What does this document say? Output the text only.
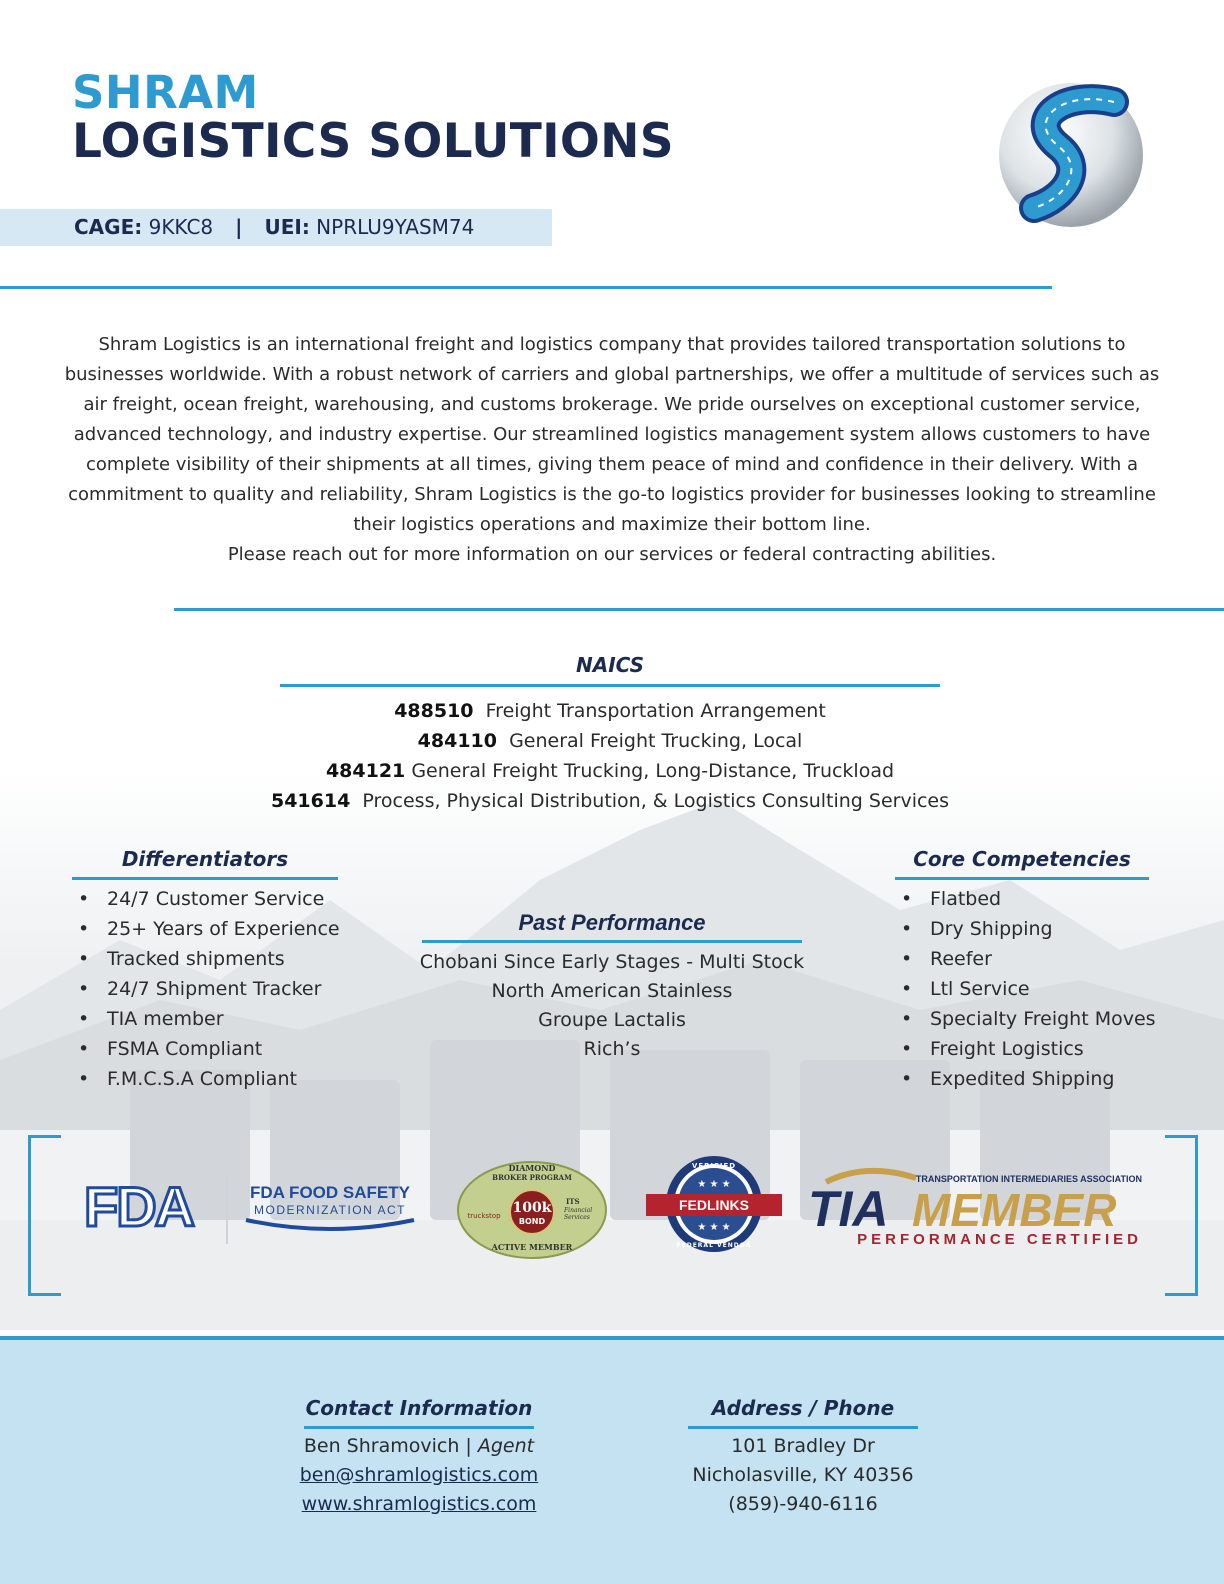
SHRAM
LOGISTICS SOLUTIONS
CAGE: 9KKC8 | UEI: NPRLU9YASM74
Shram Logistics is an international freight and logistics company that provides tailored transportation solutions to businesses worldwide. With a robust network of carriers and global partnerships, we offer a multitude of services such as air freight, ocean freight, warehousing, and customs brokerage. We pride ourselves on exceptional customer service, advanced technology, and industry expertise. Our streamlined logistics management system allows customers to have complete visibility of their shipments at all times, giving them peace of mind and confidence in their delivery. With a commitment to quality and reliability, Shram Logistics is the go-to logistics provider for businesses looking to streamline their logistics operations and maximize their bottom line.
Please reach out for more information on our services or federal contracting abilities.
NAICS
488510 Freight Transportation Arrangement
484110 General Freight Trucking, Local
484121 General Freight Trucking, Long-Distance, Truckload
541614 Process, Physical Distribution, & Logistics Consulting Services
Differentiators
• 24/7 Customer Service
• 25+ Years of Experience
• Tracked shipments
• 24/7 Shipment Tracker
• TIA member
• FSMA Compliant
• F.M.C.S.A Compliant
Past Performance
Chobani Since Early Stages - Multi Stock
North American Stainless
Groupe Lactalis
Rich’s
Core Competencies
• Flatbed
• Dry Shipping
• Reefer
• Ltl Service
• Specialty Freight Moves
• Freight Logistics
• Expedited Shipping
FDA	FDA FOOD SAFETY
MODERNIZATION ACT
DIAMOND
BROKER PROGRAM
100k
BOND
truckstop
ITS
Financial
Services
ACTIVE MEMBER
VERIFIED
FEDLINKS
★ ★ ★
★ ★ ★
FEDERAL VENDOR
TRANSPORTATION INTERMEDIARIES ASSOCIATION
TIA MEMBER
PERFORMANCE CERTIFIED
Contact Information
Ben Shramovich | Agent
ben@shramlogistics.com
www.shramlogistics.com
Address / Phone
101 Bradley Dr
Nicholasville, KY 40356
(859)-940-6116
